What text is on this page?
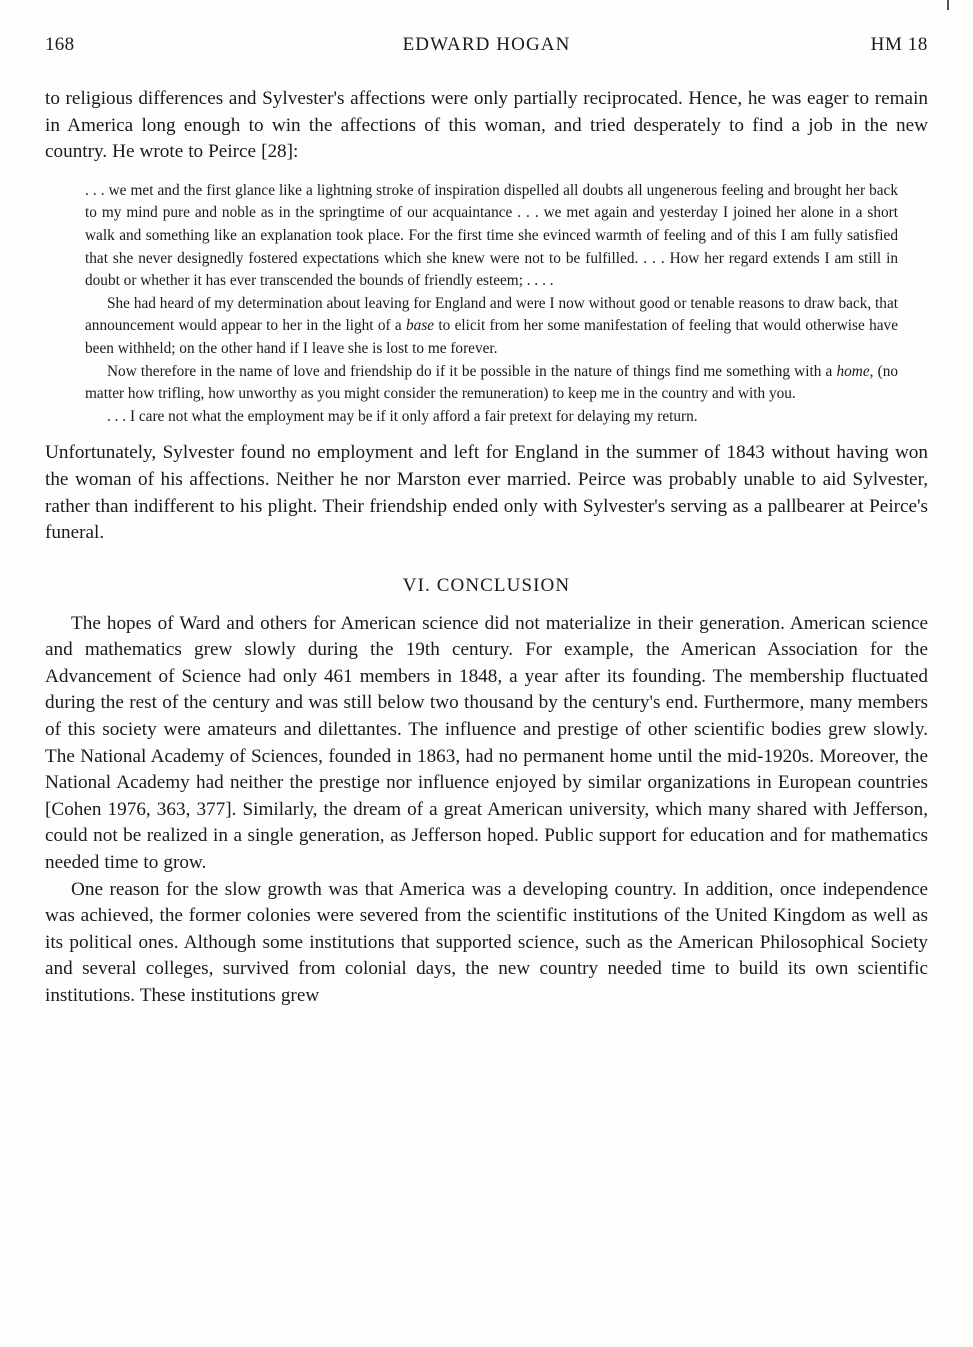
168	EDWARD HOGAN	HM 18

to religious differences and Sylvester's affections were only partially reciprocated. Hence, he was eager to remain in America long enough to win the affections of this woman, and tried desperately to find a job in the new country. He wrote to Peirce [28]:

. . . we met and the first glance like a lightning stroke of inspiration dispelled all doubts all ungenerous feeling and brought her back to my mind pure and noble as in the springtime of our acquaintance . . . we met again and yesterday I joined her alone in a short walk and something like an explanation took place. For the first time she evinced warmth of feeling and of this I am fully satisfied that she never designedly fostered expectations which she knew were not to be fulfilled. . . . How her regard extends I am still in doubt or whether it has ever transcended the bounds of friendly esteem; . . . .

She had heard of my determination about leaving for England and were I now without good or tenable reasons to draw back, that announcement would appear to her in the light of a base to elicit from her some manifestation of feeling that would otherwise have been withheld; on the other hand if I leave she is lost to me forever.

Now therefore in the name of love and friendship do if it be possible in the nature of things find me something with a home, (no matter how trifling, how unworthy as you might consider the remuneration) to keep me in the country and with you.

. . . I care not what the employment may be if it only afford a fair pretext for delaying my return.

Unfortunately, Sylvester found no employment and left for England in the summer of 1843 without having won the woman of his affections. Neither he nor Marston ever married. Peirce was probably unable to aid Sylvester, rather than indifferent to his plight. Their friendship ended only with Sylvester's serving as a pallbearer at Peirce's funeral.

VI. CONCLUSION

The hopes of Ward and others for American science did not materialize in their generation. American science and mathematics grew slowly during the 19th century. For example, the American Association for the Advancement of Science had only 461 members in 1848, a year after its founding. The membership fluctuated during the rest of the century and was still below two thousand by the century's end. Furthermore, many members of this society were amateurs and dilettantes. The influence and prestige of other scientific bodies grew slowly. The National Academy of Sciences, founded in 1863, had no permanent home until the mid-1920s. Moreover, the National Academy had neither the prestige nor influence enjoyed by similar organizations in European countries [Cohen 1976, 363, 377]. Similarly, the dream of a great American university, which many shared with Jefferson, could not be realized in a single generation, as Jefferson hoped. Public support for education and for mathematics needed time to grow.

One reason for the slow growth was that America was a developing country. In addition, once independence was achieved, the former colonies were severed from the scientific institutions of the United Kingdom as well as its political ones. Although some institutions that supported science, such as the American Philosophical Society and several colleges, survived from colonial days, the new country needed time to build its own scientific institutions. These institutions grew
